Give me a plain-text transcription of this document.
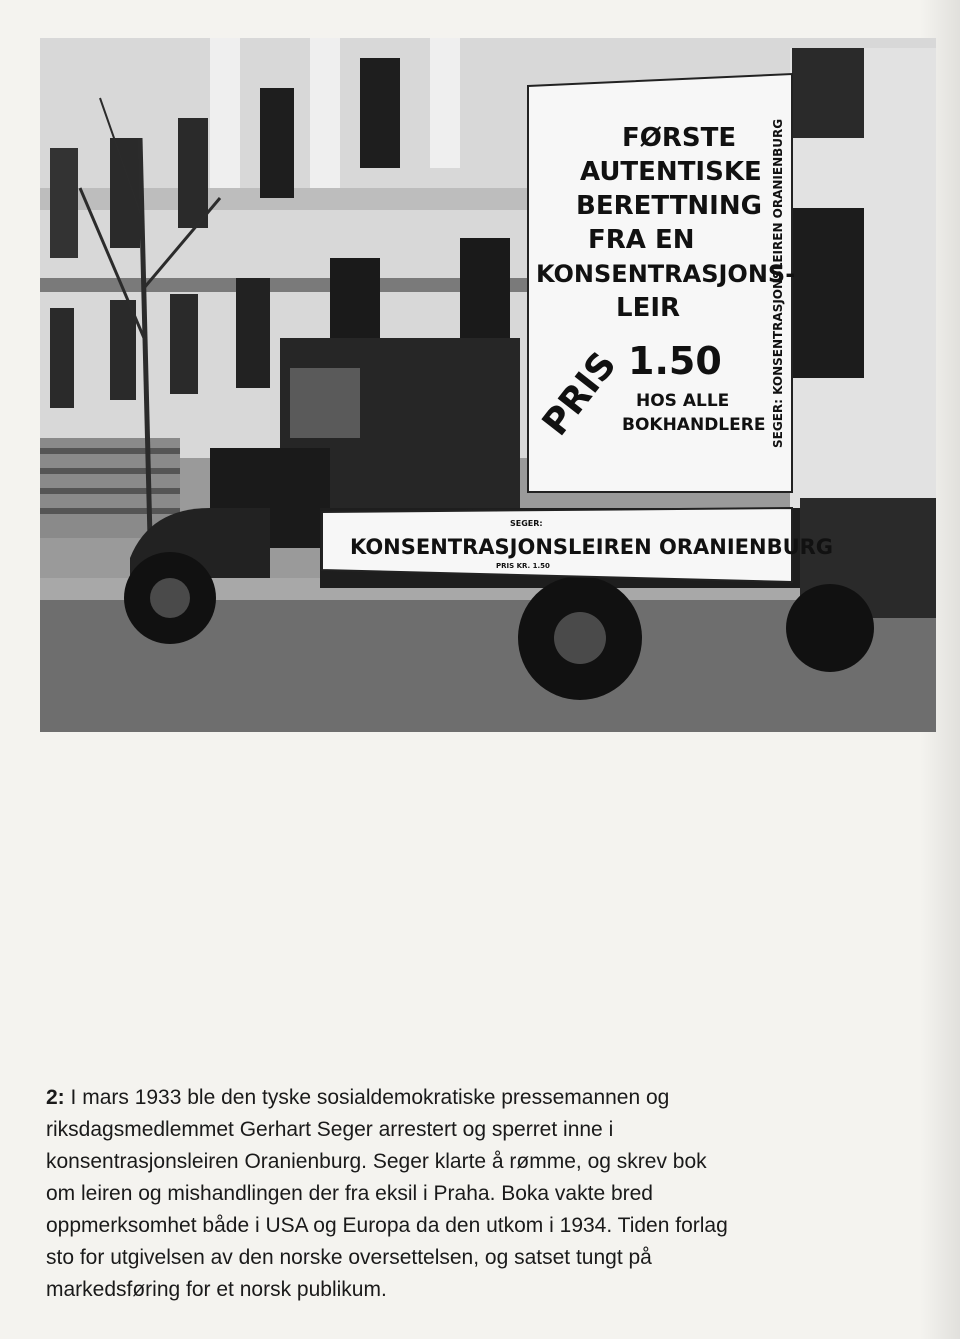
FØRSTE
AUTENTISKE
BERETTNING
FRA EN
KONSENTRASJONS-
LEIR
PRIS 1.50
HOS ALLE
BOKHANDLERE SEGER: KONSENTRASJONSLEIREN ORANIENBURG
SEGER:
KONSENTRASJONSLEIREN ORANIENBURG
PRIS KR. 1.50

2: I mars 1933 ble den tyske sosialdemokratiske pressemannen og riksdagsmedlemmet Gerhart Seger arrestert og sperret inne i konsentrasjonsleiren Oranienburg. Seger klarte å rømme, og skrev bok om leiren og mishandlingen der fra eksil i Praha. Boka vakte bred oppmerksomhet både i USA og Europa da den utkom i 1934. Tiden forlag sto for utgivelsen av den norske oversettelsen, og satset tungt på markedsføring for et norsk publikum.
